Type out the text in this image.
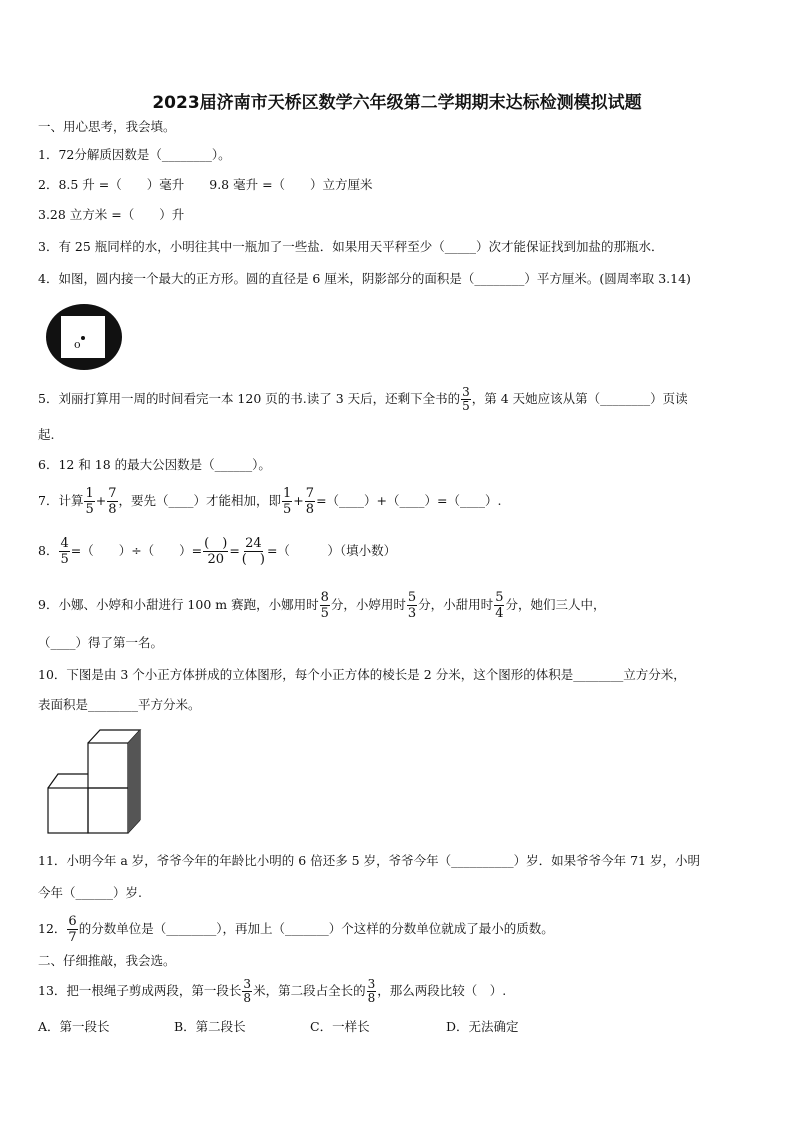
2023届济南市天桥区数学六年级第二学期期末达标检测模拟试题
一、用心思考，我会填。
1．72分解质因数是（________）。
2．8.5 升 =（　　）毫升　　9.8 毫升 =（　　）立方厘米
3.28 立方米 =（　　）升
3．有 25 瓶同样的水，小明往其中一瓶加了一些盐．如果用天平秤至少（_____）次才能保证找到加盐的那瓶水．
4．如图，圆内接一个最大的正方形。圆的直径是 6 厘米，阴影部分的面积是（________）平方厘米。(圆周率取 3.14)
o
5．刘丽打算用一周的时间看完一本 120 页的书.读了 3 天后，还剩下全书的 $\frac{3}{5}$ ，第 4 天她应该从第（________）页读
起.
6．12 和 18 的最大公因数是（______）。
7．计算 $\frac{1}{5} + \frac{7}{8}$ ，要先（____）才能相加，即 $\frac{1}{5} + \frac{7}{8}$ =（____）+（____）=（____）.
8． $\frac{4}{5}$ =（　　）÷（　　）= $\frac{( )}{20} = \frac{24}{( )}$ =（　　　）（填小数）
9．小娜、小婷和小甜进行 100 m 赛跑，小娜用时 $\frac{8}{5}$ 分，小婷用时 $\frac{5}{3}$ 分，小甜用时 $\frac{5}{4}$ 分，她们三人中，
（____）得了第一名。
10．下图是由 3 个小正方体拼成的立体图形，每个小正方体的棱长是 2 分米，这个图形的体积是________立方分米，
表面积是________平方分米。
11．小明今年 a 岁，爷爷今年的年龄比小明的 6 倍还多 5 岁，爷爷今年（__________）岁．如果爷爷今年 71 岁，小明
今年（______）岁.
12． $\frac{6}{7}$ 的分数单位是（________），再加上（_______）个这样的分数单位就成了最小的质数。
二、仔细推敲，我会选。
13．把一根绳子剪成两段，第一段长 $\frac{3}{8}$ 米，第二段占全长的 $\frac{3}{8}$ ，那么两段比较（　）.
A．第一段长	B．第二段长	C．一样长	D．无法确定
